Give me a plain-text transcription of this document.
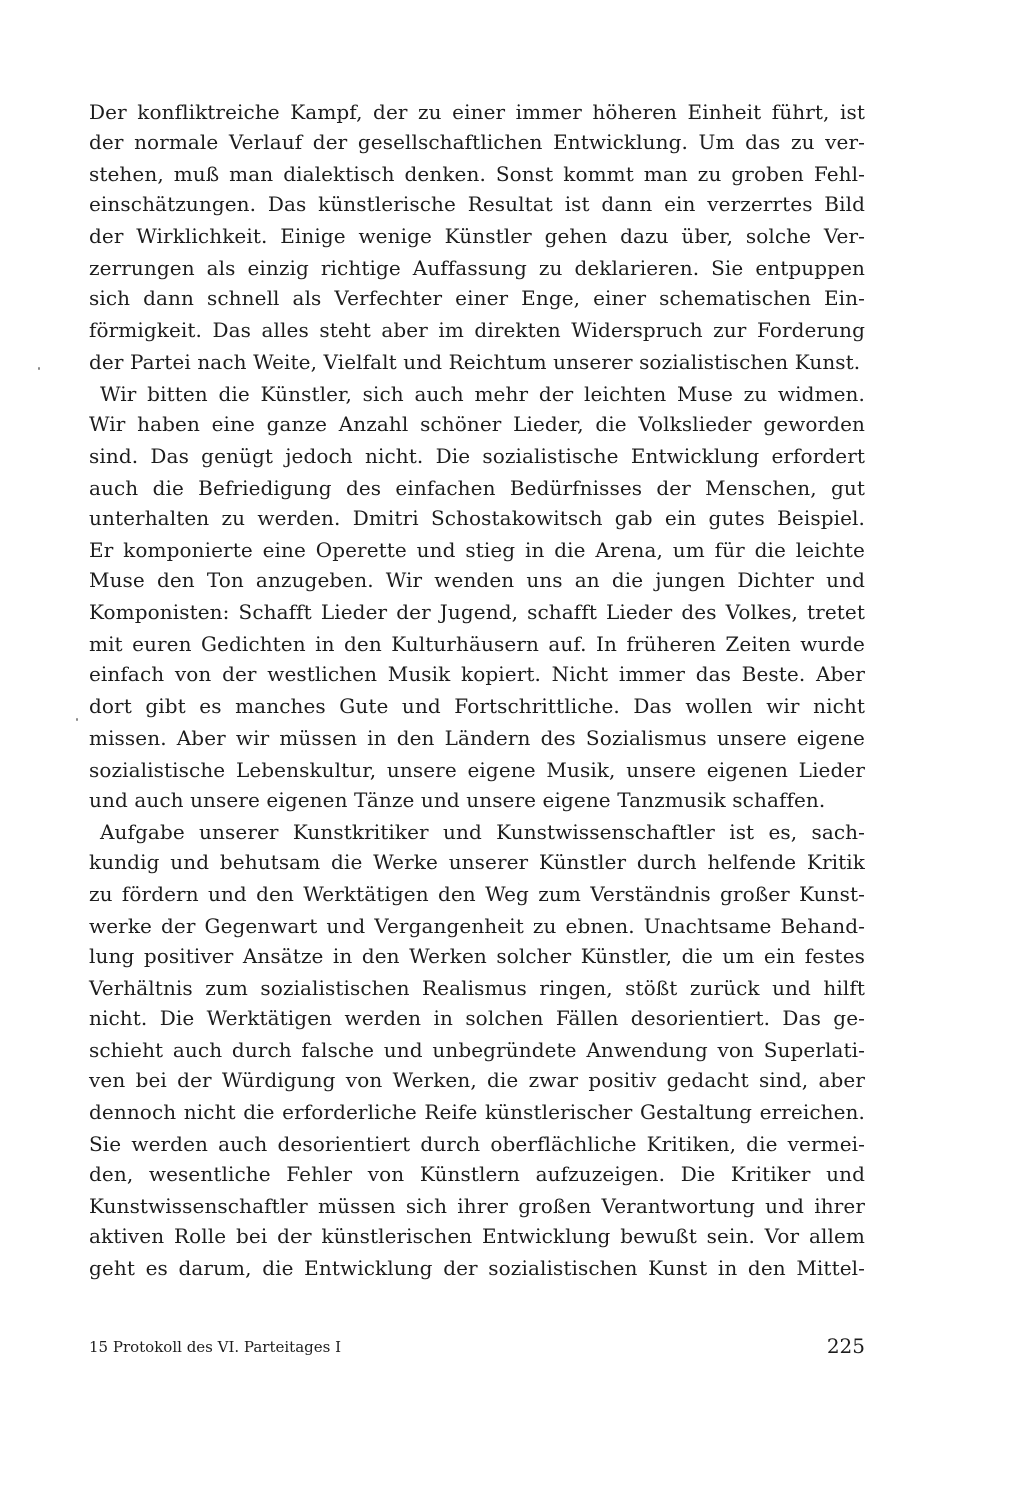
Der konfliktreiche Kampf, der zu einer immer höheren Einheit führt, ist
der normale Verlauf der gesellschaftlichen Entwicklung. Um das zu ver-
stehen, muß man dialektisch denken. Sonst kommt man zu groben Fehl-
einschätzungen. Das künstlerische Resultat ist dann ein verzerrtes Bild
der Wirklichkeit. Einige wenige Künstler gehen dazu über, solche Ver-
zerrungen als einzig richtige Auffassung zu deklarieren. Sie entpuppen
sich dann schnell als Verfechter einer Enge, einer schematischen Ein-
förmigkeit. Das alles steht aber im direkten Widerspruch zur Forderung
der Partei nach Weite, Vielfalt und Reichtum unserer sozialistischen Kunst.
Wir bitten die Künstler, sich auch mehr der leichten Muse zu widmen.
Wir haben eine ganze Anzahl schöner Lieder, die Volkslieder geworden
sind. Das genügt jedoch nicht. Die sozialistische Entwicklung erfordert
auch die Befriedigung des einfachen Bedürfnisses der Menschen, gut
unterhalten zu werden. Dmitri Schostakowitsch gab ein gutes Beispiel.
Er komponierte eine Operette und stieg in die Arena, um für die leichte
Muse den Ton anzugeben. Wir wenden uns an die jungen Dichter und
Komponisten: Schafft Lieder der Jugend, schafft Lieder des Volkes, tretet
mit euren Gedichten in den Kulturhäusern auf. In früheren Zeiten wurde
einfach von der westlichen Musik kopiert. Nicht immer das Beste. Aber
dort gibt es manches Gute und Fortschrittliche. Das wollen wir nicht
missen. Aber wir müssen in den Ländern des Sozialismus unsere eigene
sozialistische Lebenskultur, unsere eigene Musik, unsere eigenen Lieder
und auch unsere eigenen Tänze und unsere eigene Tanzmusik schaffen.
Aufgabe unserer Kunstkritiker und Kunstwissenschaftler ist es, sach-
kundig und behutsam die Werke unserer Künstler durch helfende Kritik
zu fördern und den Werktätigen den Weg zum Verständnis großer Kunst-
werke der Gegenwart und Vergangenheit zu ebnen. Unachtsame Behand-
lung positiver Ansätze in den Werken solcher Künstler, die um ein festes
Verhältnis zum sozialistischen Realismus ringen, stößt zurück und hilft
nicht. Die Werktätigen werden in solchen Fällen desorientiert. Das ge-
schieht auch durch falsche und unbegründete Anwendung von Superlati-
ven bei der Würdigung von Werken, die zwar positiv gedacht sind, aber
dennoch nicht die erforderliche Reife künstlerischer Gestaltung erreichen.
Sie werden auch desorientiert durch oberflächliche Kritiken, die vermei-
den, wesentliche Fehler von Künstlern aufzuzeigen. Die Kritiker und
Kunstwissenschaftler müssen sich ihrer großen Verantwortung und ihrer
aktiven Rolle bei der künstlerischen Entwicklung bewußt sein. Vor allem
geht es darum, die Entwicklung der sozialistischen Kunst in den Mittel-
15 Protokoll des VI. Parteitages I	225
